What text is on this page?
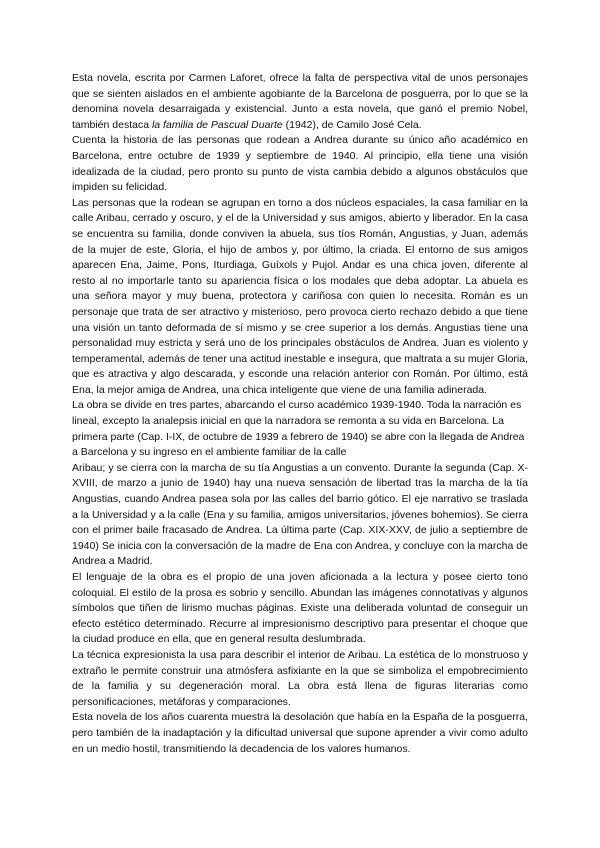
Esta novela, escrita por Carmen Laforet, ofrece la falta de perspectiva vital de unos personajes que se sienten aislados en el ambiente agobiante de la Barcelona de posguerra, por lo que se la denomina novela desarraigada y existencial. Junto a esta novela, que ganó el premio Nobel, también destaca la familia de Pascual Duarte (1942), de Camilo José Cela.

Cuenta la historia de las personas que rodean a Andrea durante su único año académico en Barcelona, entre octubre de 1939 y septiembre de 1940. Al principio, ella tiene una visión idealizada de la ciudad, pero pronto su punto de vista cambia debido a algunos obstáculos que impiden su felicidad.

Las personas que la rodean se agrupan en torno a dos núcleos espaciales, la casa familiar en la calle Aribau, cerrado y oscuro, y el de la Universidad y sus amigos, abierto y liberador. En la casa se encuentra su familia, donde conviven la abuela, sus tíos Román, Angustias, y Juan, además de la mujer de este, Gloria, el hijo de ambos y, por último, la criada. El entorno de sus amigos aparecen Ena, Jaime, Pons, Iturdiaga, Guíxols y Pujol. Andar es una chica joven, diferente al resto al no importarle tanto su apariencia física o los modales que deba adoptar. La abuela es una señora mayor y muy buena, protectora y cariñosa con quien lo necesita. Román es un personaje que trata de ser atractivo y misterioso, pero provoca cierto rechazo debido a que tiene una visión un tanto deformada de sí mismo y se cree superior a los demás. Angustias tiene una personalidad muy estricta y será uno de los principales obstáculos de Andrea. Juan es violento y temperamental, además de tener una actitud inestable e insegura, que maltrata a su mujer Gloria, que es atractiva y algo descarada, y esconde una relación anterior con Román. Por último, está Ena, la mejor amiga de Andrea, una chica inteligente que viene de una familia adinerada.

La obra se divide en tres partes, abarcando el curso académico 1939-1940. Toda la narración es lineal, excepto la analepsis inicial en que la narradora se remonta a su vida en Barcelona. La primera parte (Cap. I-IX, de octubre de 1939 a febrero de 1940) se abre con la llegada de Andrea a Barcelona y su ingreso en el ambiente familiar de la calle

Aribau; y se cierra con la marcha de su tía Angustias a un convento. Durante la segunda (Cap. X-XVIII, de marzo a junio de 1940) hay una nueva sensación de libertad tras la marcha de la tía Angustias, cuando Andrea pasea sola por las calles del barrio gótico. El eje narrativo se traslada a la Universidad y a la calle (Ena y su familia, amigos universitarios, jóvenes bohemios). Se cierra con el primer baile fracasado de Andrea. La última parte (Cap. XIX-XXV, de julio a septiembre de 1940) Se inicia con la conversación de la madre de Ena con Andrea, y concluye con la marcha de Andrea a Madrid.

El lenguaje de la obra es el propio de una joven aficionada a la lectura y posee cierto tono coloquial. El estilo de la prosa es sobrio y sencillo. Abundan las imágenes connotativas y algunos símbolos que tiñen de lirismo muchas páginas. Existe una deliberada voluntad de conseguir un efecto estético determinado. Recurre al impresionismo descriptivo para presentar el choque que la ciudad produce en ella, que en general resulta deslumbrada.

La técnica expresionista la usa para describir el interior de Aribau. La estética de lo monstruoso y extraño le permite construir una atmósfera asfixiante en la que se simboliza el empobrecimiento de la familia y su degeneración moral. La obra está llena de figuras literarias como personificaciones, metáforas y comparaciones.

Esta novela de los años cuarenta muestra la desolación que había en la España de la posguerra, pero también de la inadaptación y la dificultad universal que supone aprender a vivir como adulto en un medio hostil, transmitiendo la decadencia de los valores humanos.
